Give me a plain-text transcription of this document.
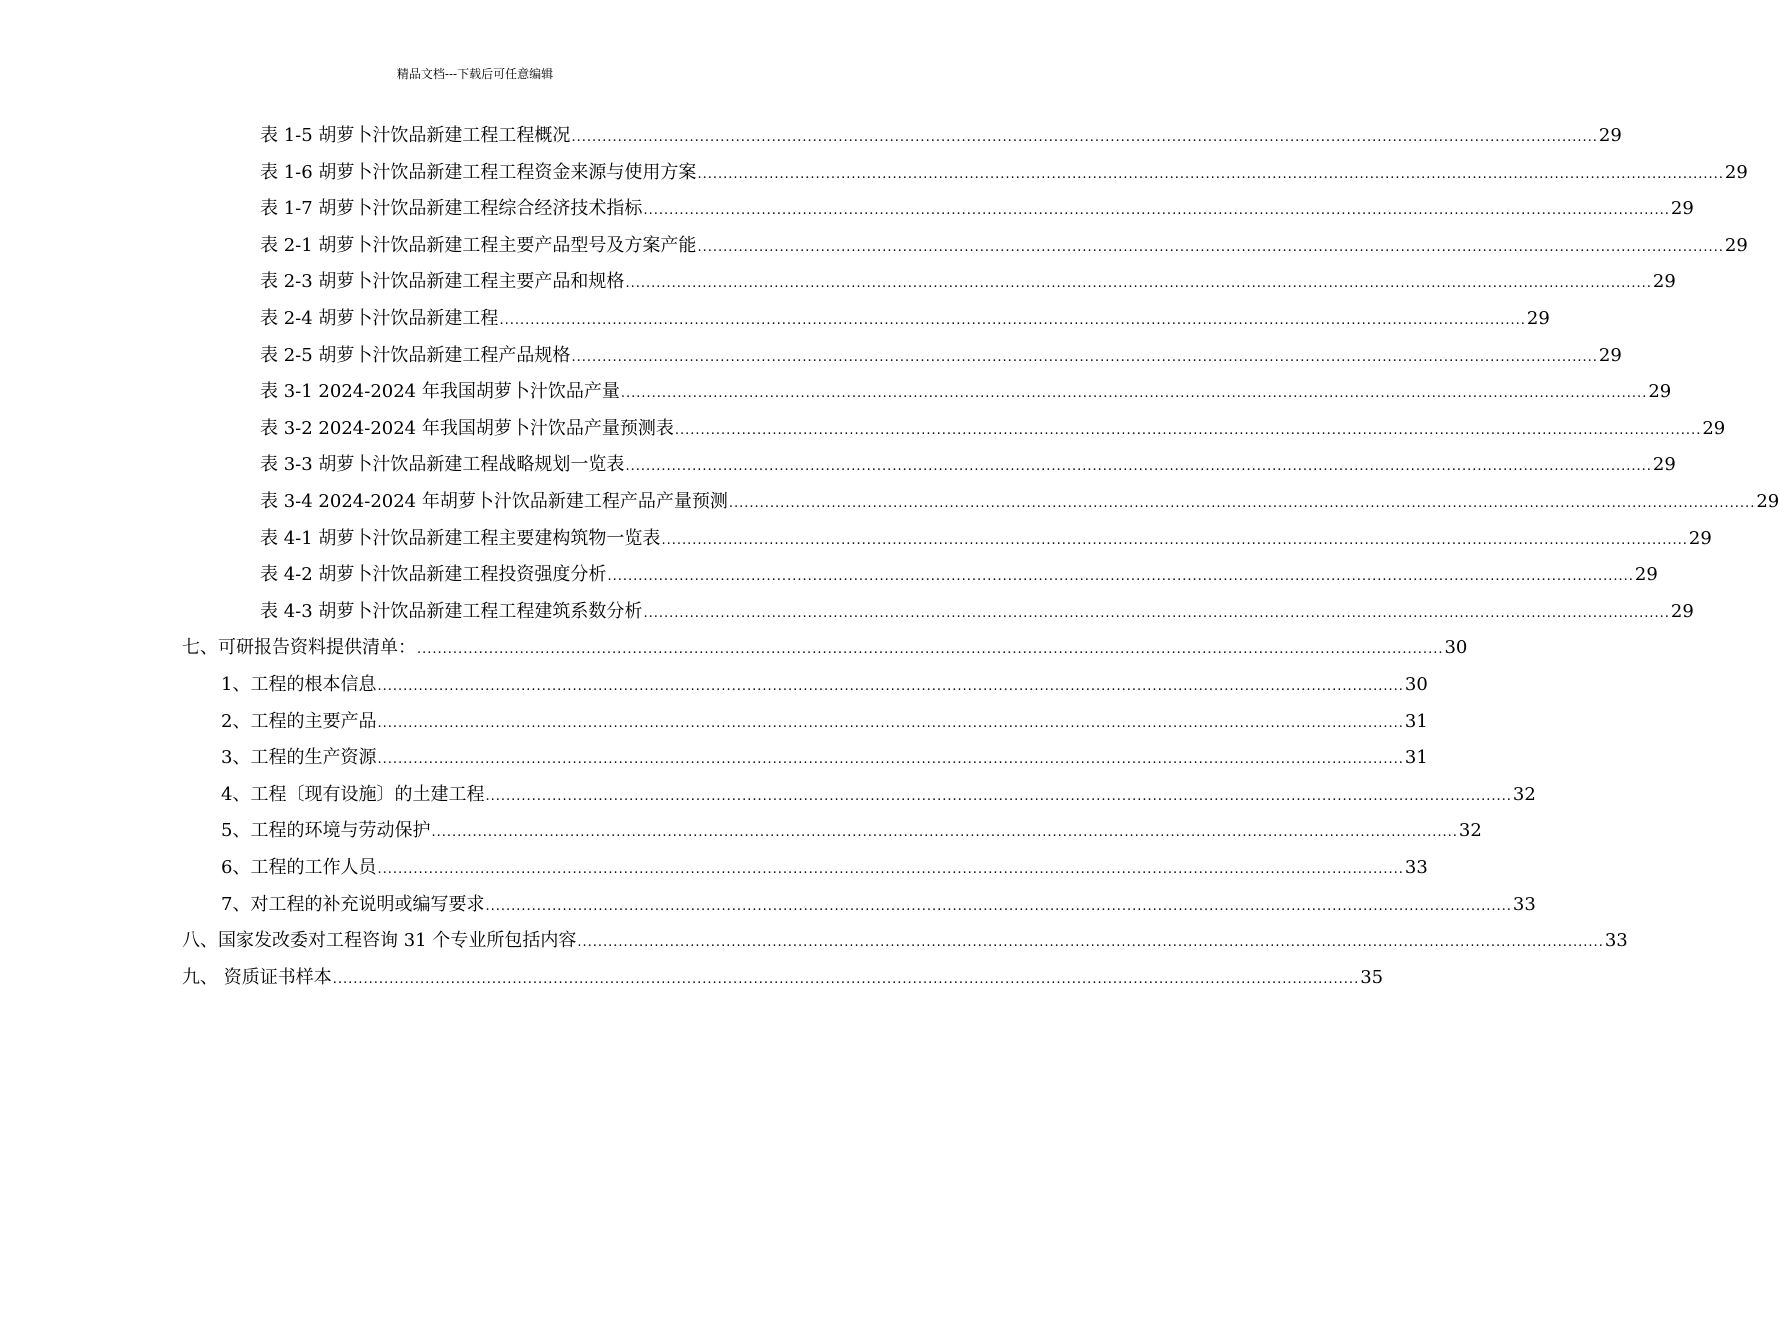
精品文档---下载后可任意编辑
表 1-5 胡萝卜汁饮品新建工程工程概况 ........................................................................................................................................................................................................ 29
表 1-6 胡萝卜汁饮品新建工程工程资金来源与使用方案 ........................................................................................................................................................................................................ 29
表 1-7 胡萝卜汁饮品新建工程综合经济技术指标 ........................................................................................................................................................................................................ 29
表 2-1 胡萝卜汁饮品新建工程主要产品型号及方案产能 ........................................................................................................................................................................................................ 29
表 2-3 胡萝卜汁饮品新建工程主要产品和规格 ........................................................................................................................................................................................................ 29
表 2-4 胡萝卜汁饮品新建工程 ........................................................................................................................................................................................................ 29
表 2-5 胡萝卜汁饮品新建工程产品规格 ........................................................................................................................................................................................................ 29
表 3-1 2024-2024 年我国胡萝卜汁饮品产量 ........................................................................................................................................................................................................ 29
表 3-2 2024-2024 年我国胡萝卜汁饮品产量预测表 ........................................................................................................................................................................................................ 29
表 3-3 胡萝卜汁饮品新建工程战略规划一览表 ........................................................................................................................................................................................................ 29
表 3-4 2024-2024 年胡萝卜汁饮品新建工程产品产量预测 ........................................................................................................................................................................................................ 29
表 4-1 胡萝卜汁饮品新建工程主要建构筑物一览表 ........................................................................................................................................................................................................ 29
表 4-2 胡萝卜汁饮品新建工程投资强度分析 ........................................................................................................................................................................................................ 29
表 4-3 胡萝卜汁饮品新建工程工程建筑系数分析 ........................................................................................................................................................................................................ 29
七、可研报告资料提供清单： ........................................................................................................................................................................................................ 30
1、工程的根本信息 ........................................................................................................................................................................................................ 30
2、工程的主要产品 ........................................................................................................................................................................................................ 31
3、工程的生产资源 ........................................................................................................................................................................................................ 31
4、工程〔现有设施〕的土建工程 ........................................................................................................................................................................................................ 32
5、工程的环境与劳动保护 ........................................................................................................................................................................................................ 32
6、工程的工作人员 ........................................................................................................................................................................................................ 33
7、对工程的补充说明或编写要求 ........................................................................................................................................................................................................ 33
八、国家发改委对工程咨询 31 个专业所包括内容 ........................................................................................................................................................................................................ 33
九、 资质证书样本 ........................................................................................................................................................................................................ 35
